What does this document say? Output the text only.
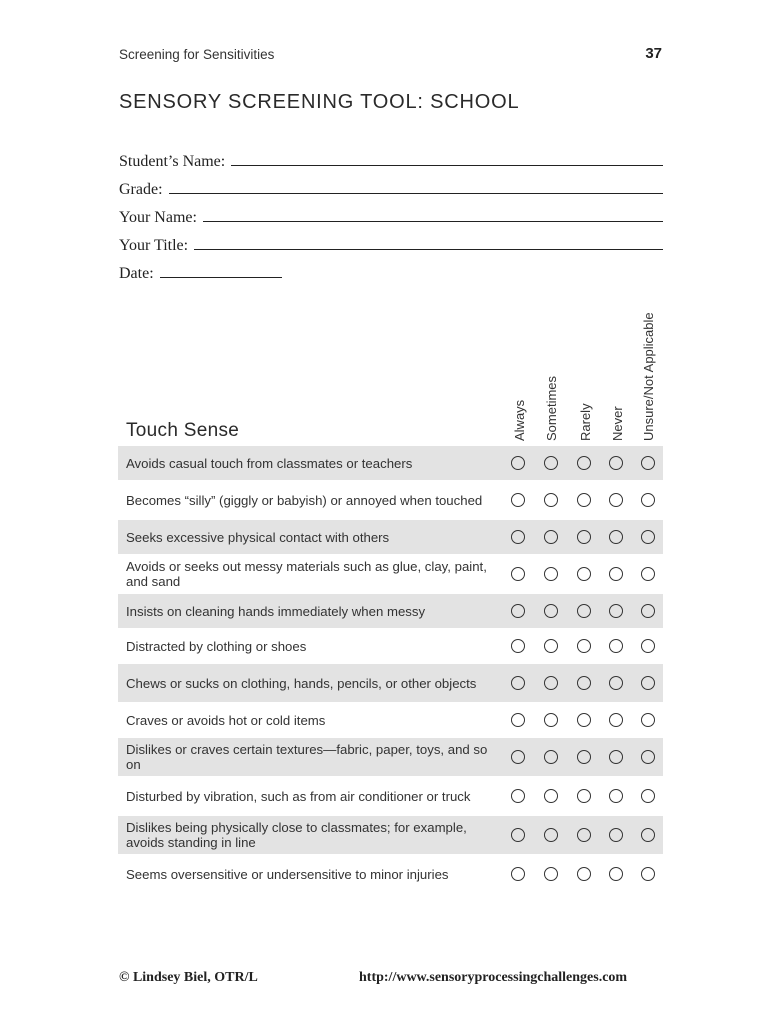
Screening for Sensitivities	37
SENSORY SCREENING TOOL: SCHOOL
Student’s Name:
Grade:
Your Name:
Your Title:
Date:
Always Sometimes Rarely Never Unsure/Not Applicable
Touch Sense
Avoids casual touch from classmates or teachers
Becomes “silly” (giggly or babyish) or annoyed when touched
Seeks excessive physical contact with others
Avoids or seeks out messy materials such as glue, clay, paint, and sand
Insists on cleaning hands immediately when messy
Distracted by clothing or shoes
Chews or sucks on clothing, hands, pencils, or other objects
Craves or avoids hot or cold items
Dislikes or craves certain textures—fabric, paper, toys, and so on
Disturbed by vibration, such as from air conditioner or truck
Dislikes being physically close to classmates; for example, avoids standing in line
Seems oversensitive or undersensitive to minor injuries
© Lindsey Biel, OTR/L	http://www.sensoryprocessingchallenges.com
